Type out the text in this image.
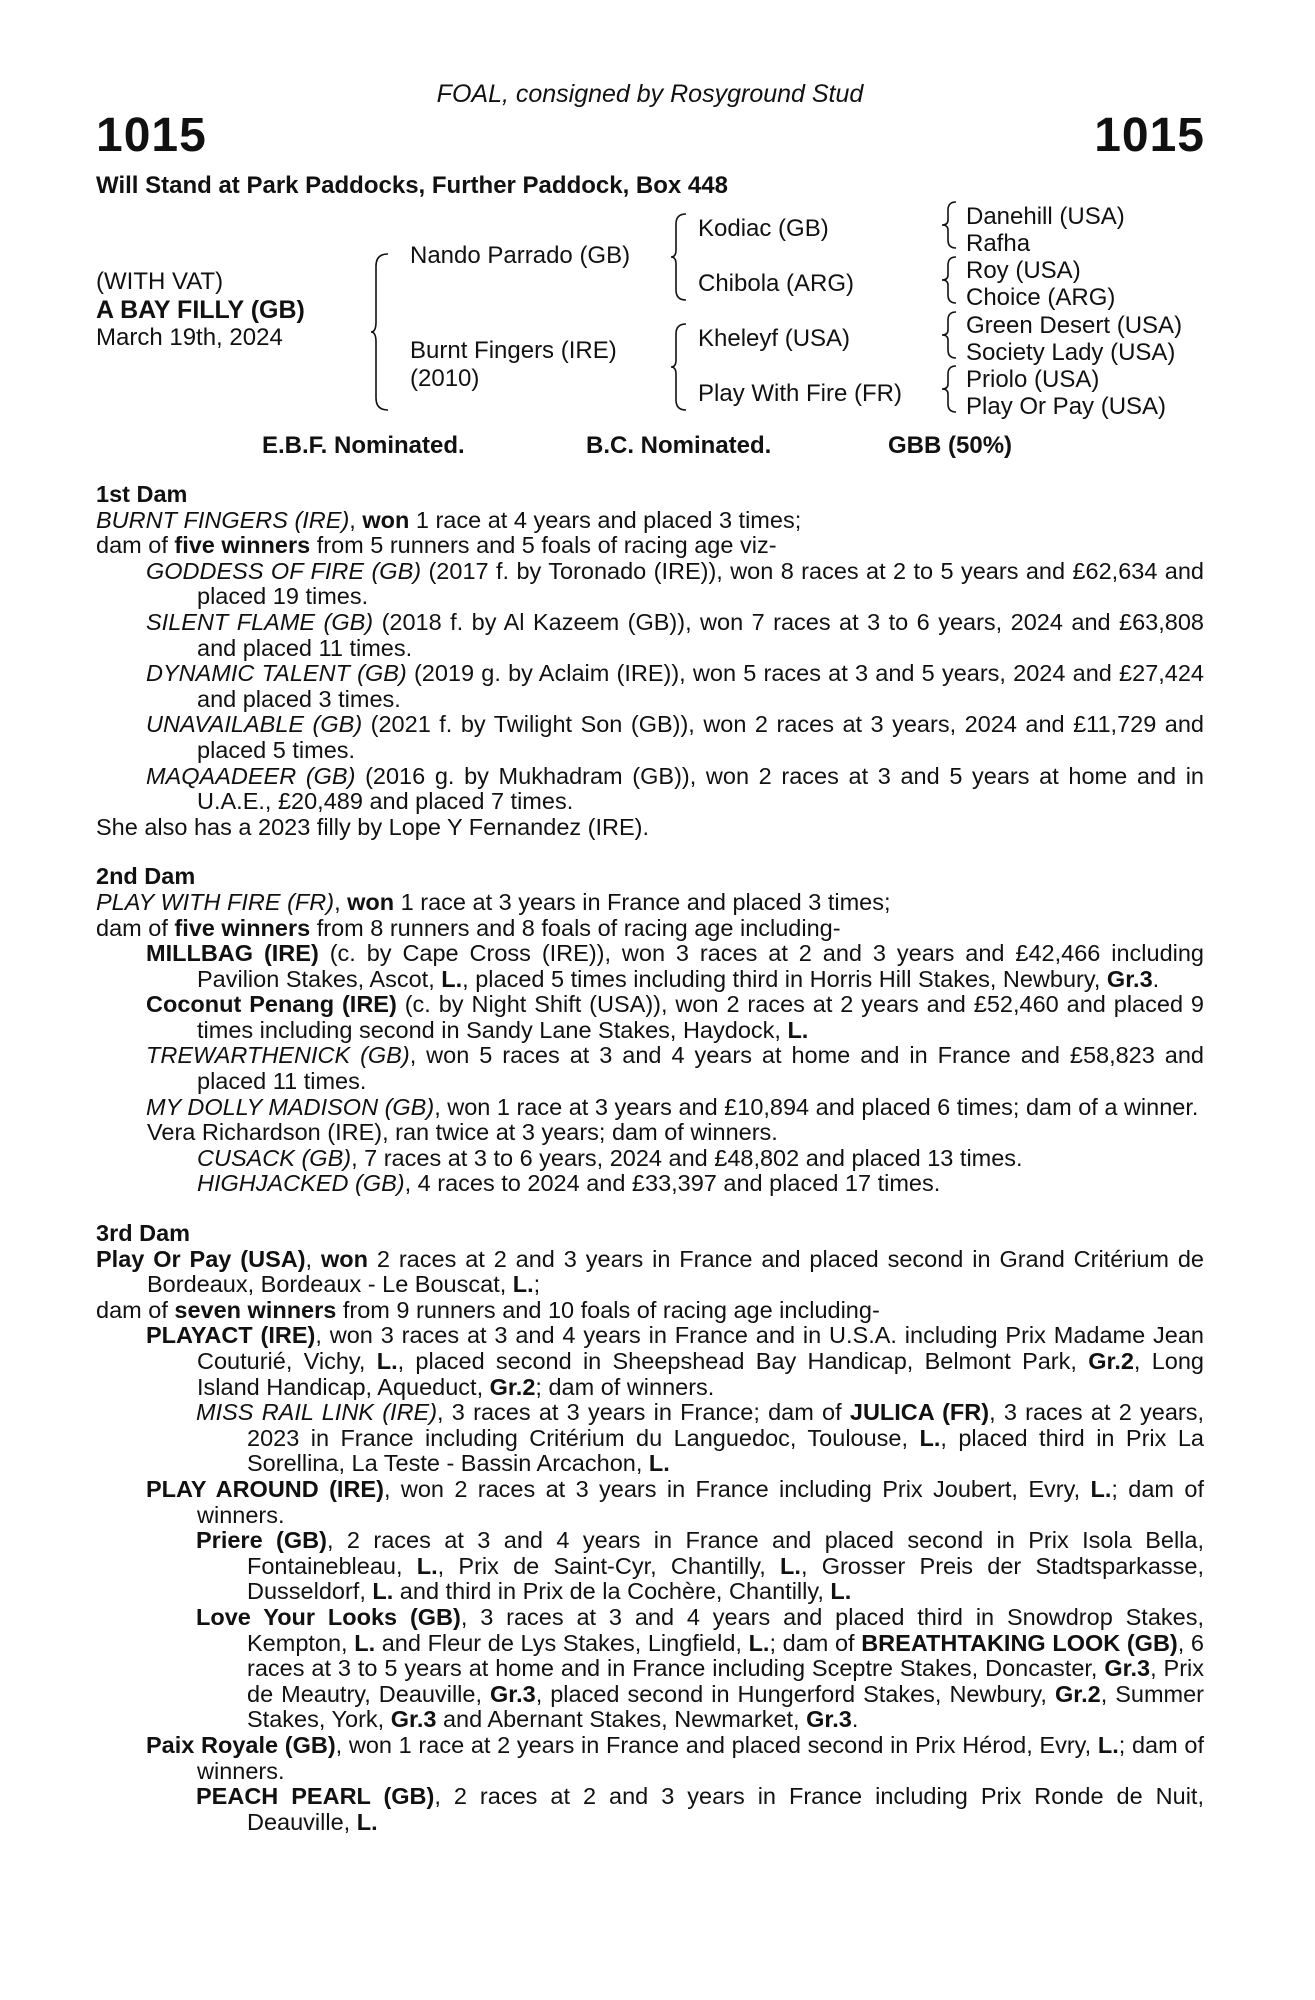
FOAL, consigned by Rosyground Stud
1015	1015
Will Stand at Park Paddocks, Further Paddock, Box 448
(WITH VAT)
A BAY FILLY (GB)
March 19th, 2024
Nando Parrado (GB)
Burnt Fingers (IRE)
(2010)
Kodiac (GB)
Chibola (ARG)
Kheleyf (USA)
Play With Fire (FR)
Danehill (USA)
Rafha
Roy (USA)
Choice (ARG)
Green Desert (USA)
Society Lady (USA)
Priolo (USA)
Play Or Pay (USA)
E.B.F. Nominated.	B.C. Nominated.	GBB (50%)
1st Dam
BURNT FINGERS (IRE), won 1 race at 4 years and placed 3 times;
dam of five winners from 5 runners and 5 foals of racing age viz-
GODDESS OF FIRE (GB) (2017 f. by Toronado (IRE)), won 8 races at 2 to 5 years and £62,634 and placed 19 times.
SILENT FLAME (GB) (2018 f. by Al Kazeem (GB)), won 7 races at 3 to 6 years, 2024 and £63,808 and placed 11 times.
DYNAMIC TALENT (GB) (2019 g. by Aclaim (IRE)), won 5 races at 3 and 5 years, 2024 and £27,424 and placed 3 times.
UNAVAILABLE (GB) (2021 f. by Twilight Son (GB)), won 2 races at 3 years, 2024 and £11,729 and placed 5 times.
MAQAADEER (GB) (2016 g. by Mukhadram (GB)), won 2 races at 3 and 5 years at home and in U.A.E., £20,489 and placed 7 times.
She also has a 2023 filly by Lope Y Fernandez (IRE).
2nd Dam
PLAY WITH FIRE (FR), won 1 race at 3 years in France and placed 3 times;
dam of five winners from 8 runners and 8 foals of racing age including-
MILLBAG (IRE) (c. by Cape Cross (IRE)), won 3 races at 2 and 3 years and £42,466 including Pavilion Stakes, Ascot, L., placed 5 times including third in Horris Hill Stakes, Newbury, Gr.3.
Coconut Penang (IRE) (c. by Night Shift (USA)), won 2 races at 2 years and £52,460 and placed 9 times including second in Sandy Lane Stakes, Haydock, L.
TREWARTHENICK (GB), won 5 races at 3 and 4 years at home and in France and £58,823 and placed 11 times.
MY DOLLY MADISON (GB), won 1 race at 3 years and £10,894 and placed 6 times; dam of a winner.
Vera Richardson (IRE), ran twice at 3 years; dam of winners.
CUSACK (GB), 7 races at 3 to 6 years, 2024 and £48,802 and placed 13 times.
HIGHJACKED (GB), 4 races to 2024 and £33,397 and placed 17 times.
3rd Dam
Play Or Pay (USA), won 2 races at 2 and 3 years in France and placed second in Grand Critérium de Bordeaux, Bordeaux - Le Bouscat, L.;
dam of seven winners from 9 runners and 10 foals of racing age including-
PLAYACT (IRE), won 3 races at 3 and 4 years in France and in U.S.A. including Prix Madame Jean Couturié, Vichy, L., placed second in Sheepshead Bay Handicap, Belmont Park, Gr.2, Long Island Handicap, Aqueduct, Gr.2; dam of winners.
MISS RAIL LINK (IRE), 3 races at 3 years in France; dam of JULICA (FR), 3 races at 2 years, 2023 in France including Critérium du Languedoc, Toulouse, L., placed third in Prix La Sorellina, La Teste - Bassin Arcachon, L.
PLAY AROUND (IRE), won 2 races at 3 years in France including Prix Joubert, Evry, L.; dam of winners.
Priere (GB), 2 races at 3 and 4 years in France and placed second in Prix Isola Bella, Fontainebleau, L., Prix de Saint-Cyr, Chantilly, L., Grosser Preis der Stadtsparkasse, Dusseldorf, L. and third in Prix de la Cochère, Chantilly, L.
Love Your Looks (GB), 3 races at 3 and 4 years and placed third in Snowdrop Stakes, Kempton, L. and Fleur de Lys Stakes, Lingfield, L.; dam of BREATHTAKING LOOK (GB), 6 races at 3 to 5 years at home and in France including Sceptre Stakes, Doncaster, Gr.3, Prix de Meautry, Deauville, Gr.3, placed second in Hungerford Stakes, Newbury, Gr.2, Summer Stakes, York, Gr.3 and Abernant Stakes, Newmarket, Gr.3.
Paix Royale (GB), won 1 race at 2 years in France and placed second in Prix Hérod, Evry, L.; dam of winners.
PEACH PEARL (GB), 2 races at 2 and 3 years in France including Prix Ronde de Nuit, Deauville, L.
